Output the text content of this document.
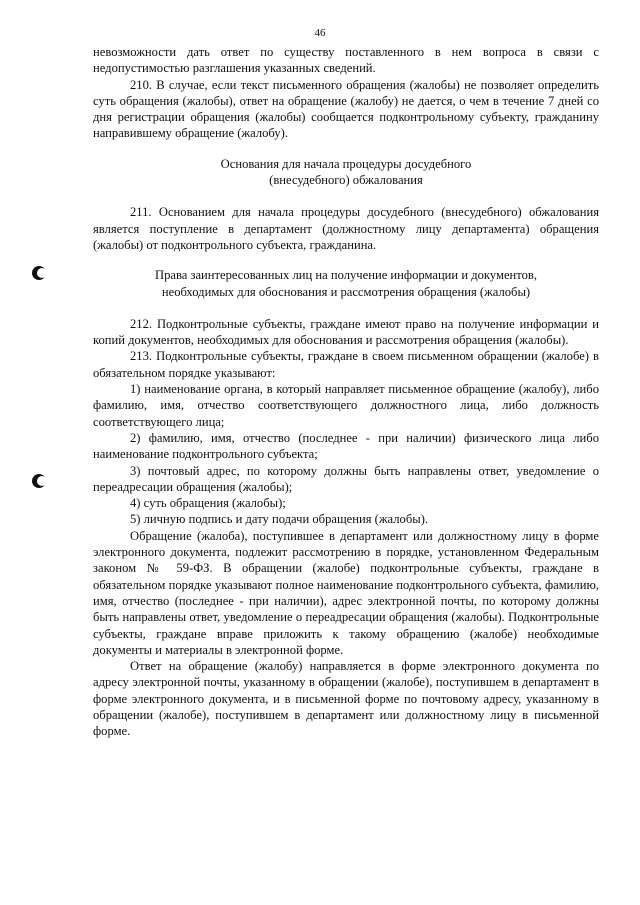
46

невозможности дать ответ по существу поставленного в нем вопроса в связи с недопустимостью разглашения указанных сведений.

210. В случае, если текст письменного обращения (жалобы) не позволяет определить суть обращения (жалобы), ответ на обращение (жалобу) не дается, о чем в течение 7 дней со дня регистрации обращения (жалобы) сообщается подконтрольному субъекту, гражданину направившему обращение (жалобу).

Основания для начала процедуры досудебного

(внесудебного) обжалования

211. Основанием для начала процедуры досудебного (внесудебного) обжалования является поступление в департамент (должностному лицу департамента) обращения (жалобы) от подконтрольного субъекта, гражданина.

Права заинтересованных лиц на получение информации и документов,

необходимых для обоснования и рассмотрения обращения (жалобы)

212. Подконтрольные субъекты, граждане имеют право на получение информации и копий документов, необходимых для обоснования и рассмотрения обращения (жалобы).

213. Подконтрольные субъекты, граждане в своем письменном обращении (жалобе) в обязательном порядке указывают:

1) наименование органа, в который направляет письменное обращение (жалобу), либо фамилию, имя, отчество соответствующего должностного лица, либо должность соответствующего лица;

2) фамилию, имя, отчество (последнее - при наличии) физического лица либо наименование подконтрольного субъекта;

3) почтовый адрес, по которому должны быть направлены ответ, уведомление о переадресации обращения (жалобы);

4) суть обращения (жалобы);

5) личную подпись и дату подачи обращения (жалобы).

Обращение (жалоба), поступившее в департамент или должностному лицу в форме электронного документа, подлежит рассмотрению в порядке, установленном Федеральным законом № 59-ФЗ. В обращении (жалобе) подконтрольные субъекты, граждане в обязательном порядке указывают полное наименование подконтрольного субъекта, фамилию, имя, отчество (последнее - при наличии), адрес электронной почты, по которому должны быть направлены ответ, уведомление о переадресации обращения (жалобы). Подконтрольные субъекты, граждане вправе приложить к такому обращению (жалобе) необходимые документы и материалы в электронной форме.

Ответ на обращение (жалобу) направляется в форме электронного документа по адресу электронной почты, указанному в обращении (жалобе), поступившем в департамент в форме электронного документа, и в письменной форме по почтовому адресу, указанному в обращении (жалобе), поступившем в департамент или должностному лицу в письменной форме.
